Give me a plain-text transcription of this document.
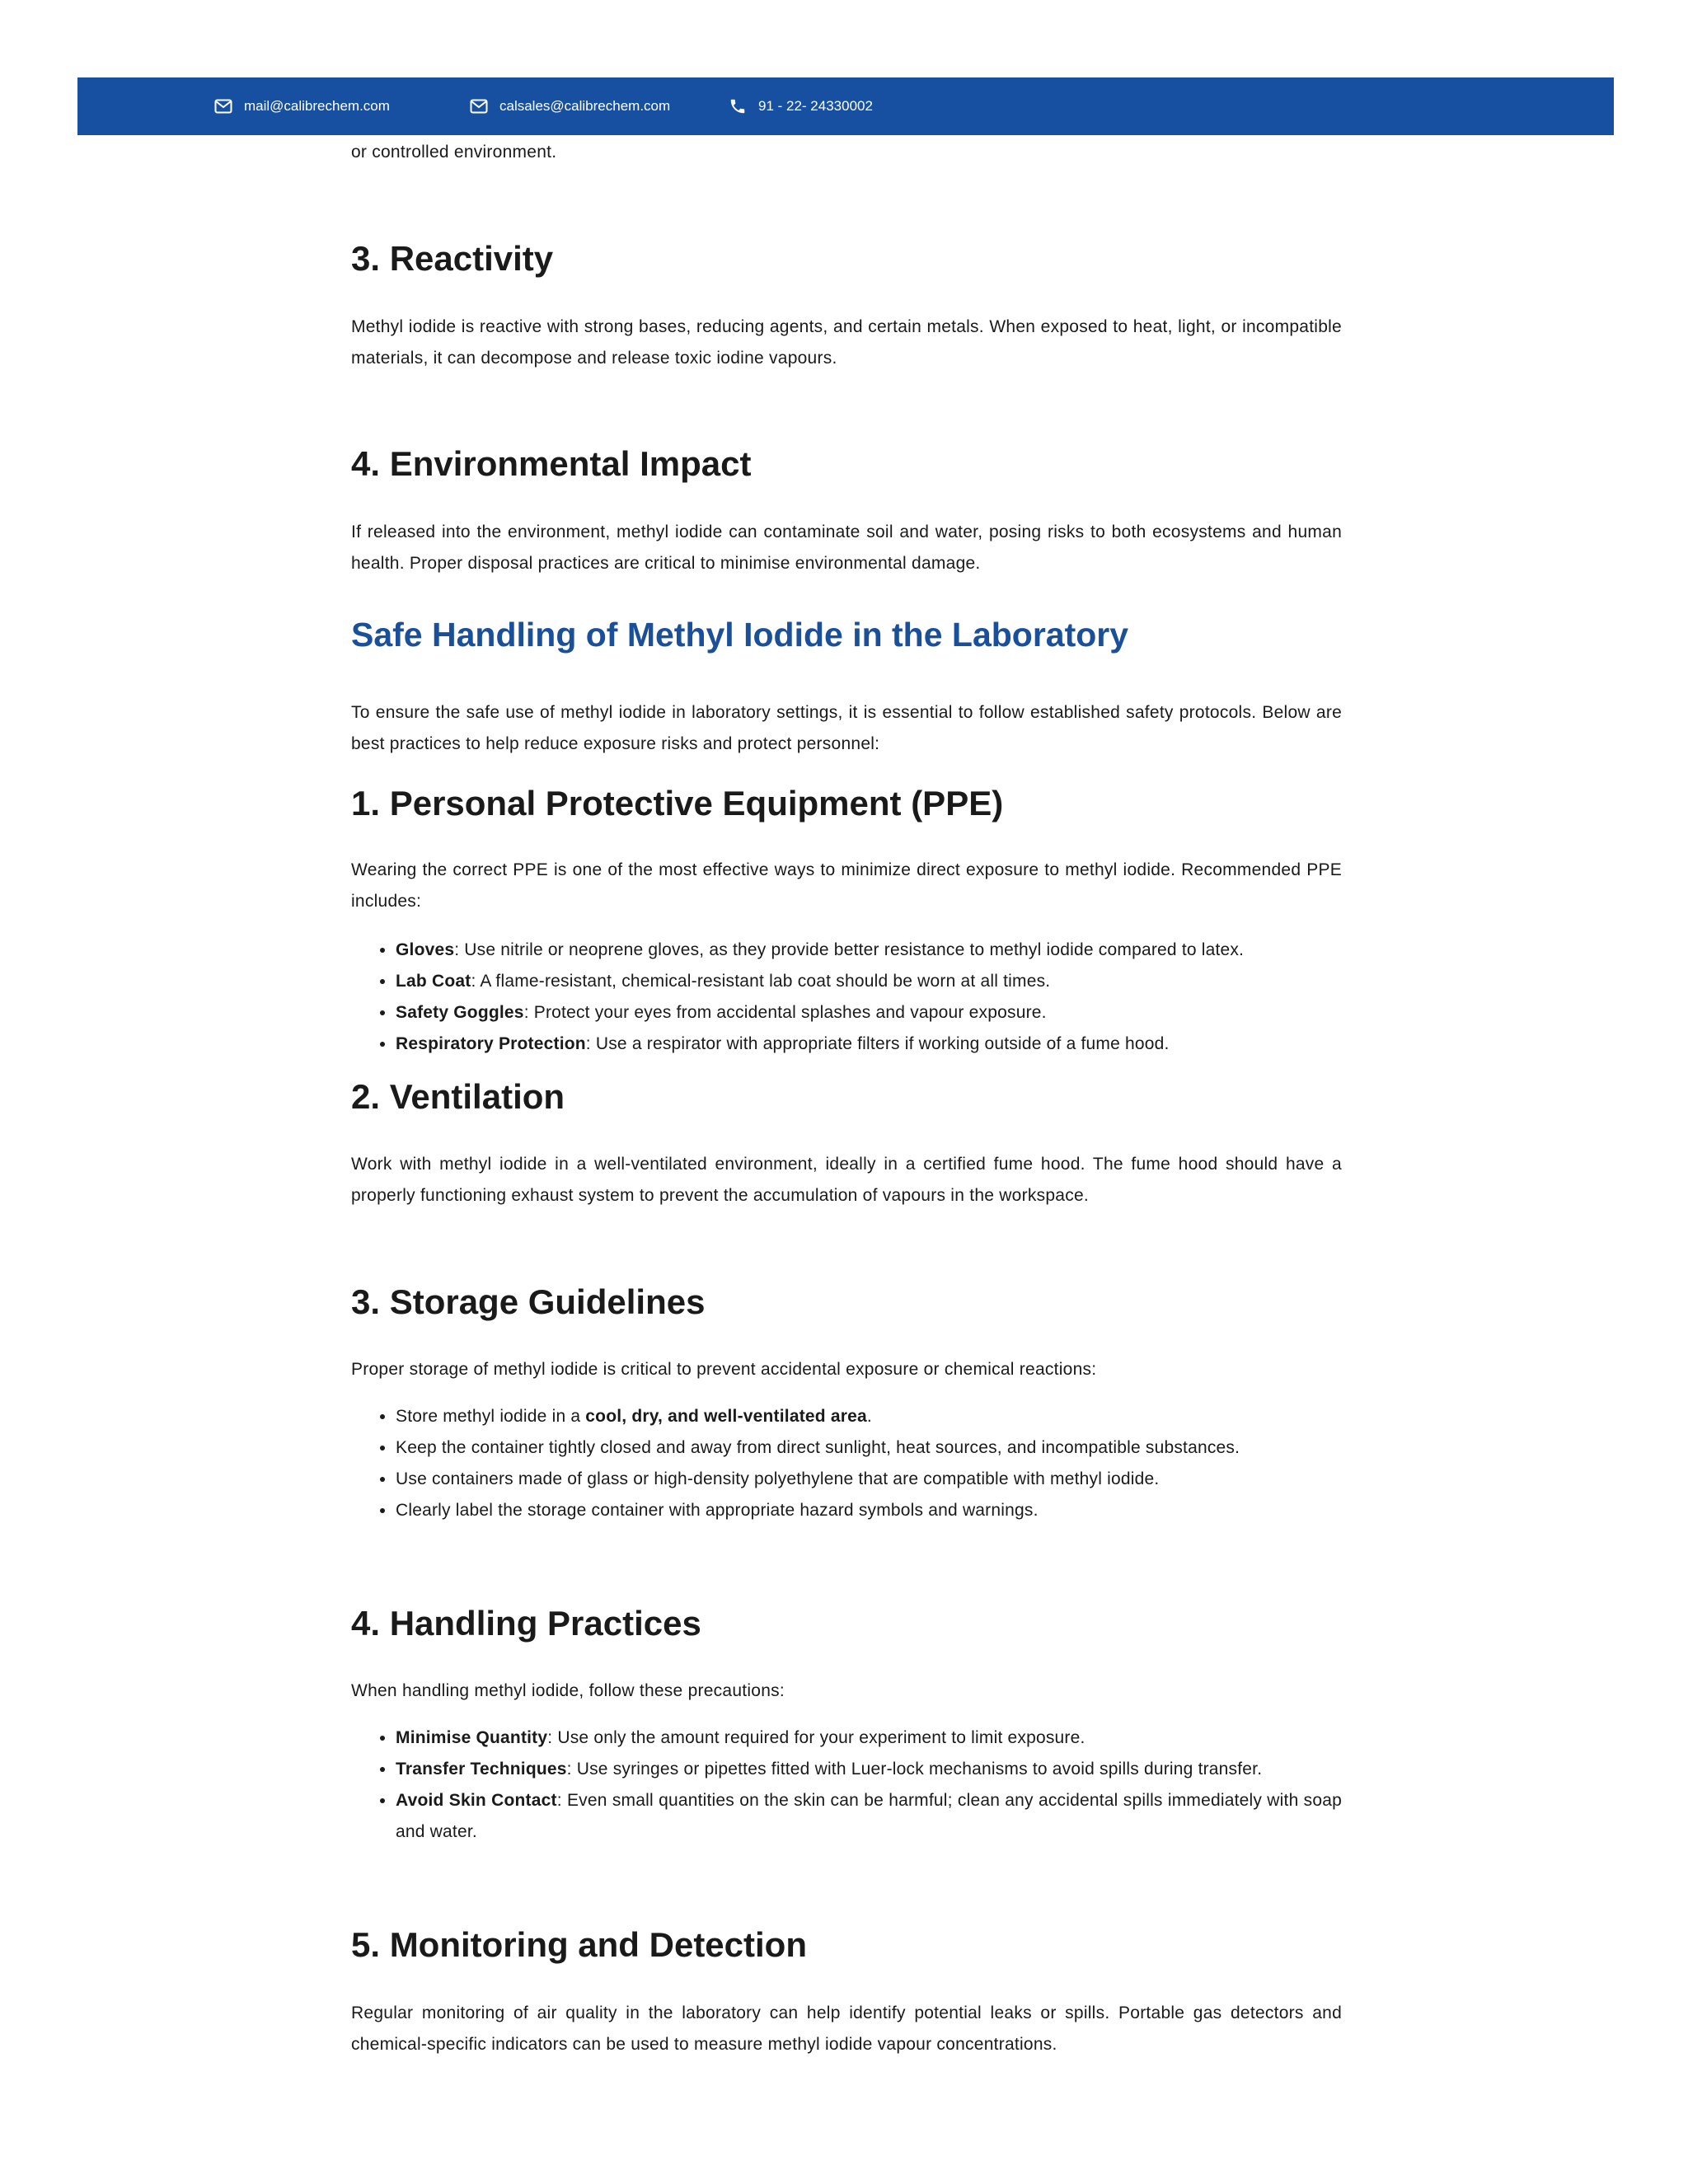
mail@calibrechem.com	calsales@calibrechem.com	91 - 22- 24330002

or controlled environment.

3. Reactivity

Methyl iodide is reactive with strong bases, reducing agents, and certain metals. When exposed to heat, light, or incompatible materials, it can decompose and release toxic iodine vapours.

4. Environmental Impact

If released into the environment, methyl iodide can contaminate soil and water, posing risks to both ecosystems and human health. Proper disposal practices are critical to minimise environmental damage.

Safe Handling of Methyl Iodide in the Laboratory

To ensure the safe use of methyl iodide in laboratory settings, it is essential to follow established safety protocols. Below are best practices to help reduce exposure risks and protect personnel:

1. Personal Protective Equipment (PPE)

Wearing the correct PPE is one of the most effective ways to minimize direct exposure to methyl iodide. Recommended PPE includes:

• Gloves: Use nitrile or neoprene gloves, as they provide better resistance to methyl iodide compared to latex.
• Lab Coat: A flame-resistant, chemical-resistant lab coat should be worn at all times.
• Safety Goggles: Protect your eyes from accidental splashes and vapour exposure.
• Respiratory Protection: Use a respirator with appropriate filters if working outside of a fume hood.
2. Ventilation

Work with methyl iodide in a well-ventilated environment, ideally in a certified fume hood. The fume hood should have a properly functioning exhaust system to prevent the accumulation of vapours in the workspace.

3. Storage Guidelines

Proper storage of methyl iodide is critical to prevent accidental exposure or chemical reactions:

• Store methyl iodide in a cool, dry, and well-ventilated area.
• Keep the container tightly closed and away from direct sunlight, heat sources, and incompatible substances.
• Use containers made of glass or high-density polyethylene that are compatible with methyl iodide.
• Clearly label the storage container with appropriate hazard symbols and warnings.
4. Handling Practices

When handling methyl iodide, follow these precautions:

• Minimise Quantity: Use only the amount required for your experiment to limit exposure.
• Transfer Techniques: Use syringes or pipettes fitted with Luer-lock mechanisms to avoid spills during transfer.
• Avoid Skin Contact: Even small quantities on the skin can be harmful; clean any accidental spills immediately with soap and water.
5. Monitoring and Detection

Regular monitoring of air quality in the laboratory can help identify potential leaks or spills. Portable gas detectors and chemical-specific indicators can be used to measure methyl iodide vapour concentrations.
